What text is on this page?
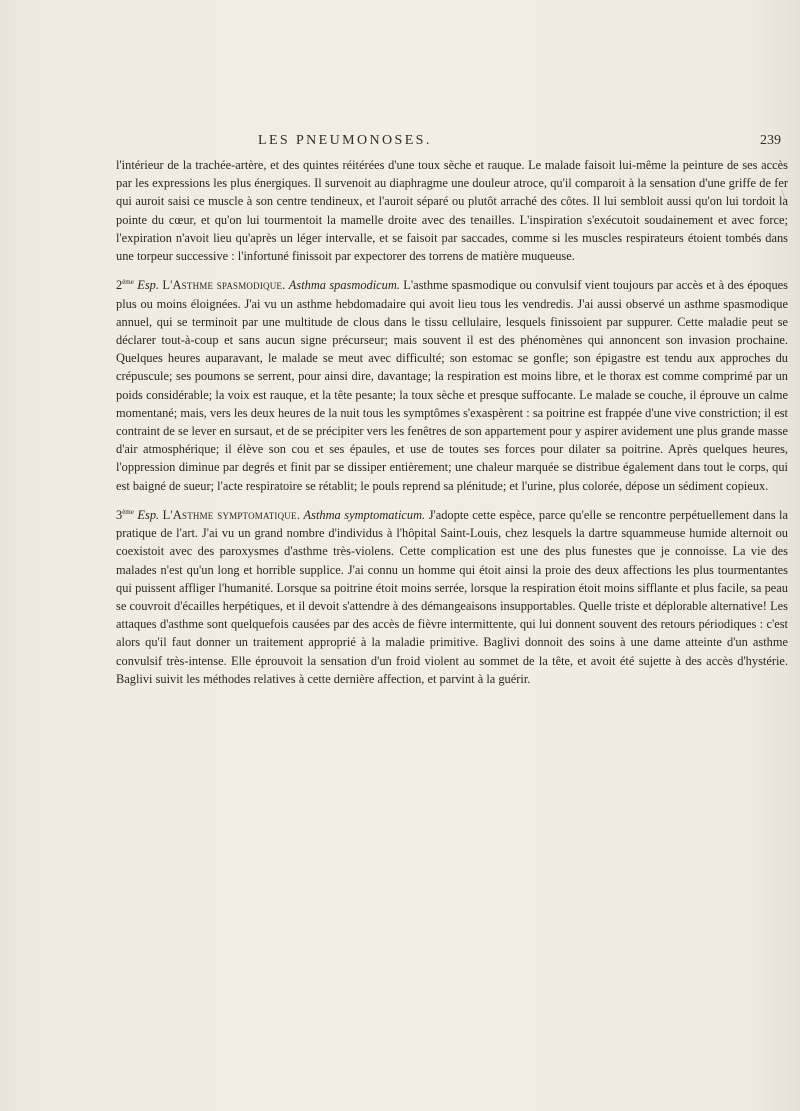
LES PNEUMONOSES.	239

l'intérieur de la trachée-artère, et des quintes réitérées d'une toux sèche et rauque. Le malade faisoit lui-même la peinture de ses accès par les expressions les plus énergiques. Il survenoit au diaphragme une douleur atroce, qu'il comparoit à la sensation d'une griffe de fer qui auroit saisi ce muscle à son centre tendineux, et l'auroit séparé ou plutôt arraché des côtes. Il lui sembloit aussi qu'on lui tordoit la pointe du cœur, et qu'on lui tourmentoit la mamelle droite avec des tenailles. L'inspiration s'exécutoit soudainement et avec force; l'expiration n'avoit lieu qu'après un léger intervalle, et se faisoit par saccades, comme si les muscles respirateurs étoient tombés dans une torpeur successive : l'infortuné finissoit par expectorer des torrens de matière muqueuse.

2ème Esp. L'Asthme spasmodique. Asthma spasmodicum. L'asthme spasmodique ou convulsif vient toujours par accès et à des époques plus ou moins éloignées. J'ai vu un asthme hebdomadaire qui avoit lieu tous les vendredis. J'ai aussi observé un asthme spasmodique annuel, qui se terminoit par une multitude de clous dans le tissu cellulaire, lesquels finissoient par suppurer. Cette maladie peut se déclarer tout-à-coup et sans aucun signe précurseur; mais souvent il est des phénomènes qui annoncent son invasion prochaine. Quelques heures auparavant, le malade se meut avec difficulté; son estomac se gonfle; son épigastre est tendu aux approches du crépuscule; ses poumons se serrent, pour ainsi dire, davantage; la respiration est moins libre, et le thorax est comme comprimé par un poids considérable; la voix est rauque, et la tête pesante; la toux sèche et presque suffocante. Le malade se couche, il éprouve un calme momentané; mais, vers les deux heures de la nuit tous les symptômes s'exaspèrent : sa poitrine est frappée d'une vive constriction; il est contraint de se lever en sursaut, et de se précipiter vers les fenêtres de son appartement pour y aspirer avidement une plus grande masse d'air atmosphérique; il élève son cou et ses épaules, et use de toutes ses forces pour dilater sa poitrine. Après quelques heures, l'oppression diminue par degrés et finit par se dissiper entièrement; une chaleur marquée se distribue également dans tout le corps, qui est baigné de sueur; l'acte respiratoire se rétablit; le pouls reprend sa plénitude; et l'urine, plus colorée, dépose un sédiment copieux.

3ème Esp. L'Asthme symptomatique. Asthma symptomaticum. J'adopte cette espèce, parce qu'elle se rencontre perpétuellement dans la pratique de l'art. J'ai vu un grand nombre d'individus à l'hôpital Saint-Louis, chez lesquels la dartre squammeuse humide alternoit ou coexistoit avec des paroxysmes d'asthme très-violens. Cette complication est une des plus funestes que je connoisse. La vie des malades n'est qu'un long et horrible supplice. J'ai connu un homme qui étoit ainsi la proie des deux affections les plus tourmentantes qui puissent affliger l'humanité. Lorsque sa poitrine étoit moins serrée, lorsque la respiration étoit moins sifflante et plus facile, sa peau se couvroit d'écailles herpétiques, et il devoit s'attendre à des démangeaisons insupportables. Quelle triste et déplorable alternative! Les attaques d'asthme sont quelquefois causées par des accès de fièvre intermittente, qui lui donnent souvent des retours périodiques : c'est alors qu'il faut donner un traitement approprié à la maladie primitive. Baglivi donnoit des soins à une dame atteinte d'un asthme convulsif très-intense. Elle éprouvoit la sensation d'un froid violent au sommet de la tête, et avoit été sujette à des accès d'hystérie. Baglivi suivit les méthodes relatives à cette dernière affection, et parvint à la guérir.
